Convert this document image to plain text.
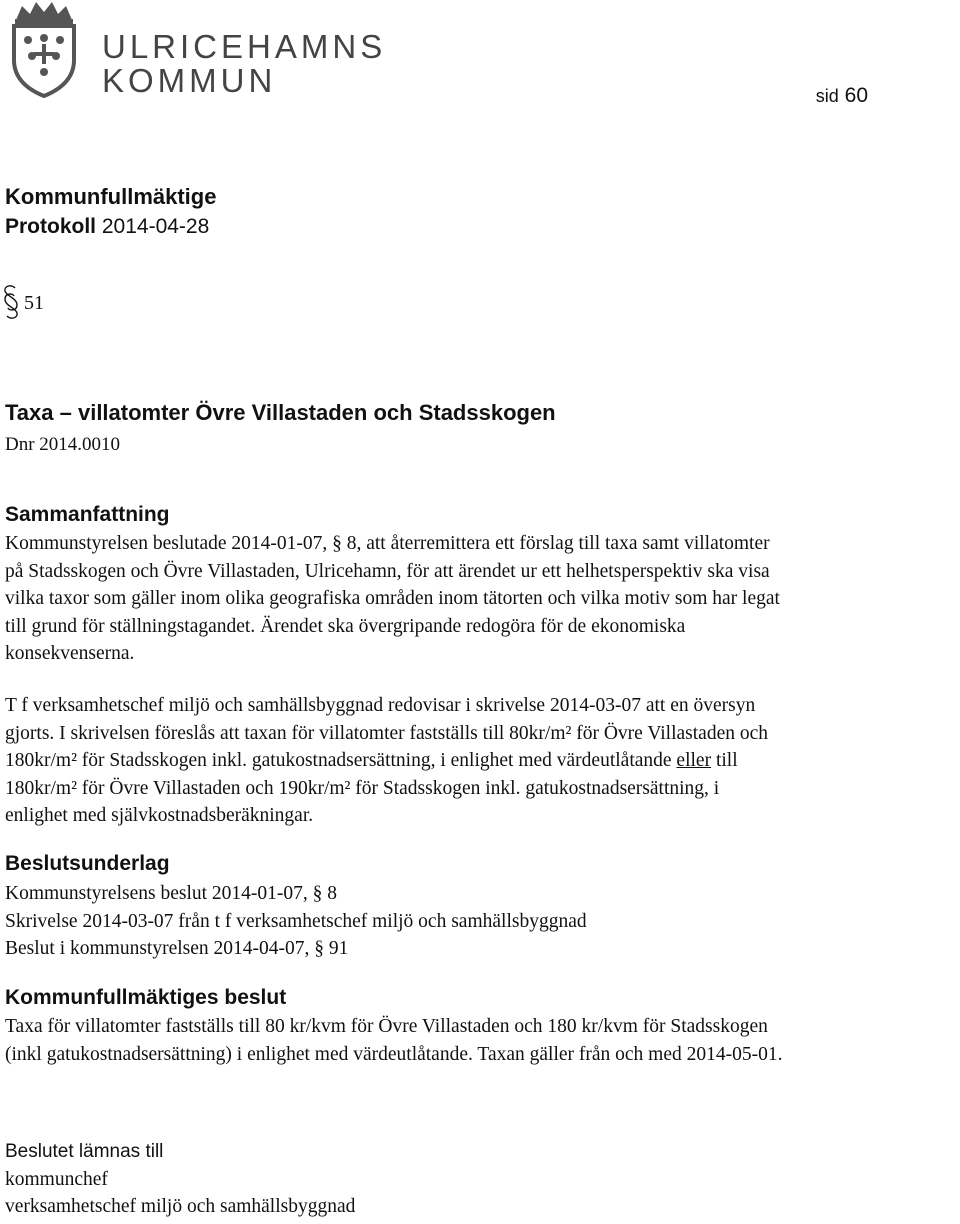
ULRICEHAMNS
KOMMUN	sid 60
Kommunfullmäktige
Protokoll 2014-04-28
51
Taxa – villatomter Övre Villastaden och Stadsskogen
Dnr 2014.0010
Sammanfattning

Kommunstyrelsen beslutade 2014-01-07, § 8, att återremittera ett förslag till taxa samt villatomter

på Stadsskogen och Övre Villastaden, Ulricehamn, för att ärendet ur ett helhetsperspektiv ska visa

vilka taxor som gäller inom olika geografiska områden inom tätorten och vilka motiv som har legat

till grund för ställningstagandet. Ärendet ska övergripande redogöra för de ekonomiska

konsekvenserna.

T f verksamhetschef miljö och samhällsbyggnad redovisar i skrivelse 2014-03-07 att en översyn

gjorts. I skrivelsen föreslås att taxan för villatomter fastställs till 80kr/m² för Övre Villastaden och

180kr/m² för Stadsskogen inkl. gatukostnadsersättning, i enlighet med värdeutlåtande eller till

180kr/m² för Övre Villastaden och 190kr/m² för Stadsskogen inkl. gatukostnadsersättning, i

enlighet med självkostnadsberäkningar.

Beslutsunderlag

Kommunstyrelsens beslut 2014-01-07, § 8

Skrivelse 2014-03-07 från t f verksamhetschef miljö och samhällsbyggnad

Beslut i kommunstyrelsen 2014-04-07, § 91

Kommunfullmäktiges beslut

Taxa för villatomter fastställs till 80 kr/kvm för Övre Villastaden och 180 kr/kvm för Stadsskogen

(inkl gatukostnadsersättning) i enlighet med värdeutlåtande. Taxan gäller från och med 2014-05-01.

Beslutet lämnas till
kommunchef
verksamhetschef miljö och samhällsbyggnad
